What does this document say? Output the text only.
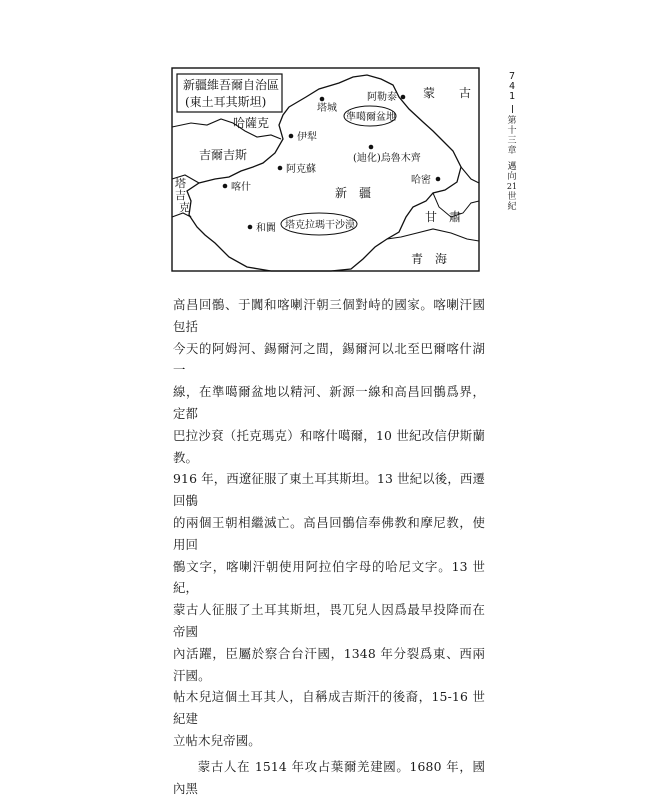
新疆維吾爾自治區
(東土耳其斯坦)
哈薩克
吉爾吉斯
塔
吉
克
蒙　　古
新　疆
甘　肅
青　海
準噶爾盆地
塔克拉瑪干沙漠
塔城
阿勒泰
伊犁
(迪化)烏魯木齊
阿克蘇
喀什
哈密
和闐
7
4
1
第
十
三
章
邁
向
21
世
紀

高昌回鶻、于闐和喀喇汗朝三個對峙的國家。喀喇汗國包括
今天的阿姆河、錫爾河之間，錫爾河以北至巴爾喀什湖一
線，在準噶爾盆地以精河、新源一線和高昌回鶻爲界，定都
巴拉沙袞（托克瑪克）和喀什噶爾，10 世紀改信伊斯蘭教。
916 年，西遼征服了東土耳其斯坦。13 世紀以後，西遷回鶻
的兩個王朝相繼滅亡。高昌回鶻信奉佛教和摩尼教，使用回
鶻文字，喀喇汗朝使用阿拉伯字母的哈尼文字。13 世紀，
蒙古人征服了土耳其斯坦，畏兀兒人因爲最早投降而在帝國
內活躍，臣屬於察合台汗國，1348 年分裂爲東、西兩汗國。
帖木兒這個土耳其人，自稱成吉斯汗的後裔，15-16 世紀建
立帖木兒帝國。

蒙古人在 1514 年攻占葉爾羌建國。1680 年，國內黑
